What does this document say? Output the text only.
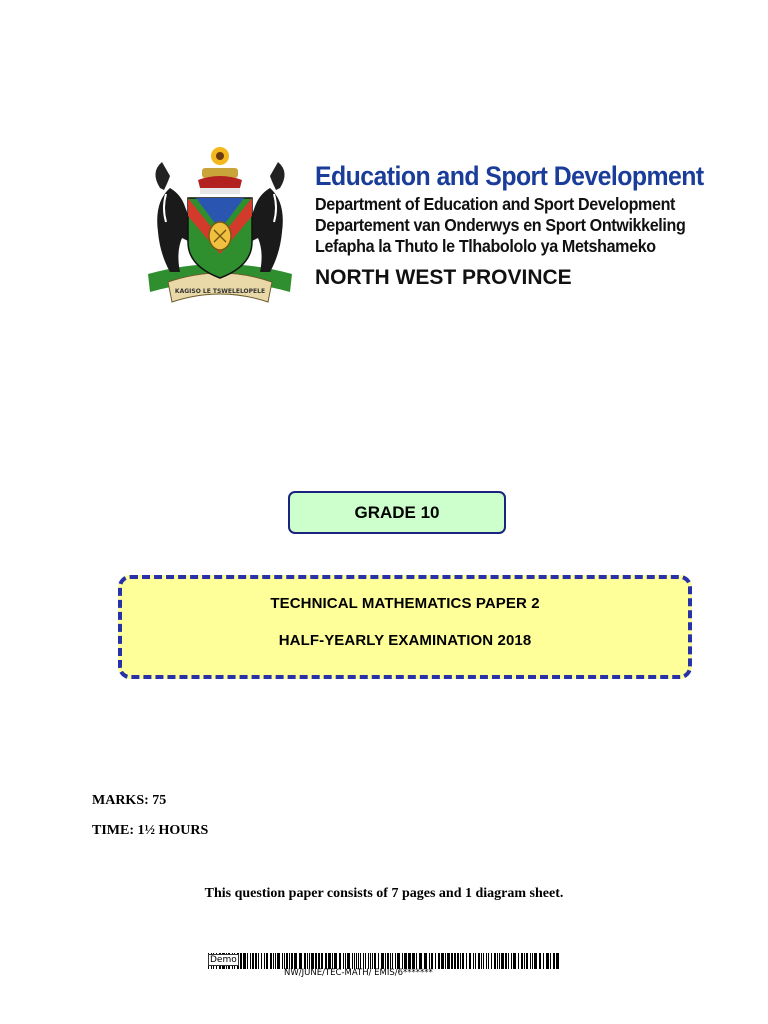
KAGISO LE TSWELELOPELE
Education and Sport Development
Department of Education and Sport Development
Departement van Onderwys en Sport Ontwikkeling
Lefapha la Thuto le Tlhabololo ya Metshameko
NORTH WEST PROVINCE
GRADE 10
TECHNICAL MATHEMATICS PAPER 2
HALF-YEARLY EXAMINATION 2018
MARKS: 75
TIME: 1½ HOURS
This question paper consists of 7 pages and 1 diagram sheet.
Demo
NW/JUNE/TEC-MATH/ EMIS/6*******
